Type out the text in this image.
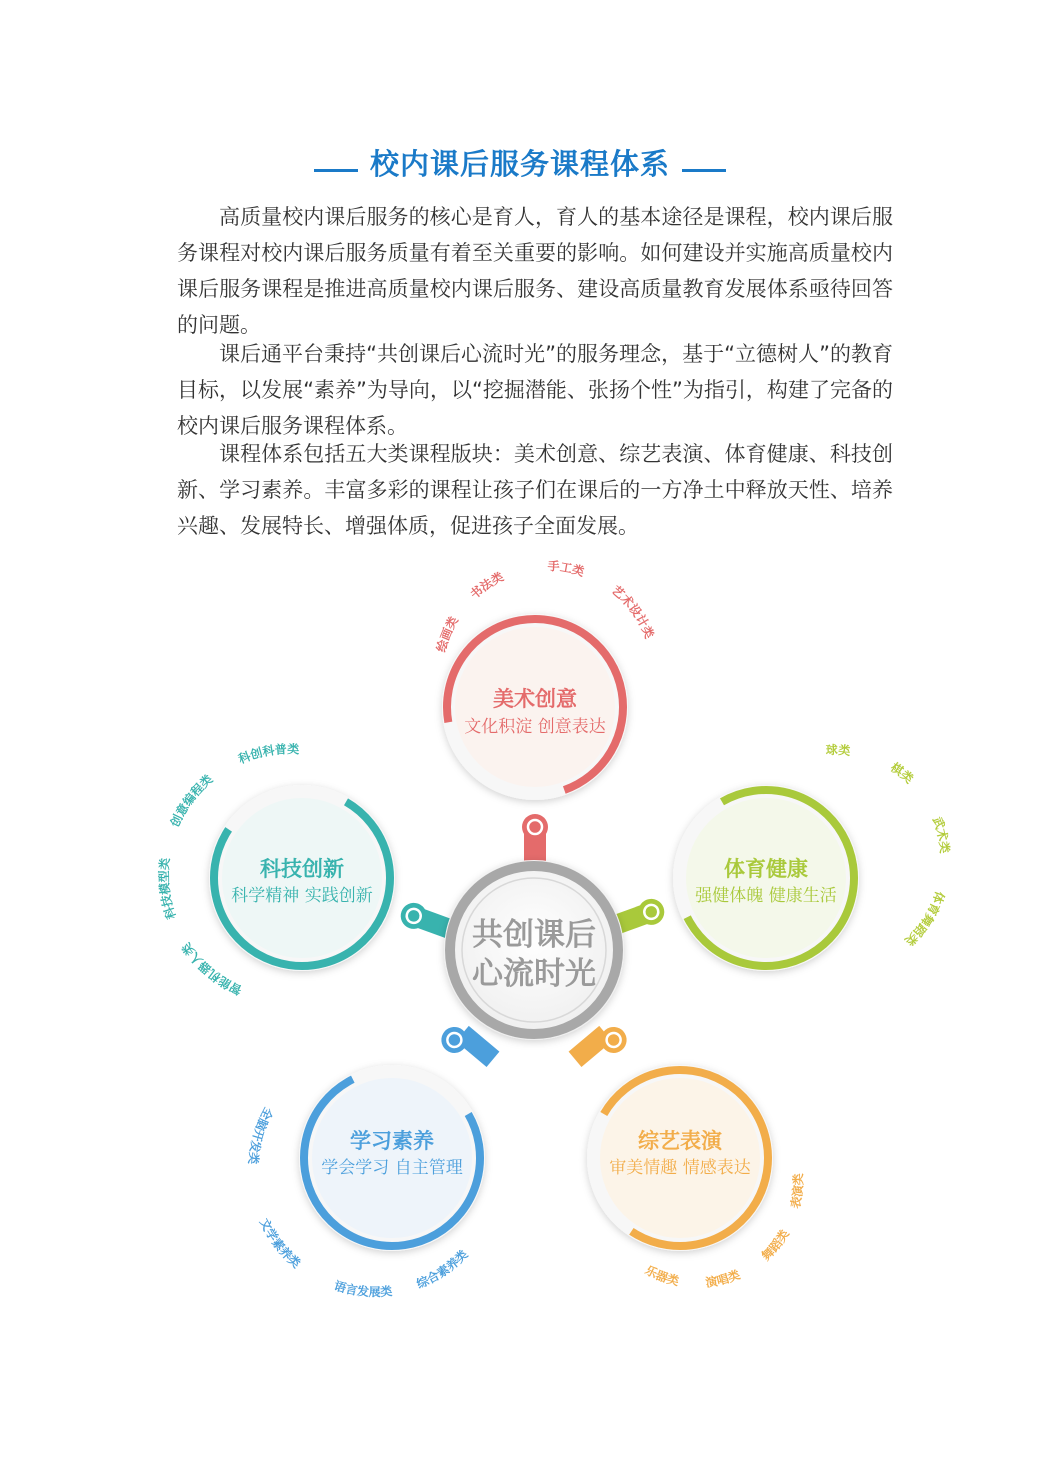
校内课后服务课程体系

高质量校内课后服务的核心是育人，育人的基本途径是课程，校内课后服务课程对校内课后服务质量有着至关重要的影响。如何建设并实施高质量校内课后服务课程是推进高质量校内课后服务、建设高质量教育发展体系亟待回答的问题。

课后通平台秉持“共创课后心流时光”的服务理念，基于“立德树人”的教育目标，以发展“素养”为导向，以“挖掘潜能、张扬个性”为指引，构建了完备的校内课后服务课程体系。

课程体系包括五大类课程版块：美术创意、综艺表演、体育健康、科技创新、学习素养。丰富多彩的课程让孩子们在课后的一方净土中释放天性、培养兴趣、发展特长、增强体质，促进孩子全面发展。

共创课后
心流时光
美术创意
文化积淀 创意表达
绘画类
书法类
手工类
艺术设计类
体育健康
强健体魄 健康生活
球类
棋类
武术类
体育舞蹈类
科技创新
科学精神 实践创新
科创科普类
创意编程类
科技模型类
智能机器人类
学习素养
学会学习 自主管理
全脑开发类
文学素养类
语言发展类
综合素养类
综艺表演
审美情趣 情感表达
乐器类 演唱类
舞蹈类
表演类
